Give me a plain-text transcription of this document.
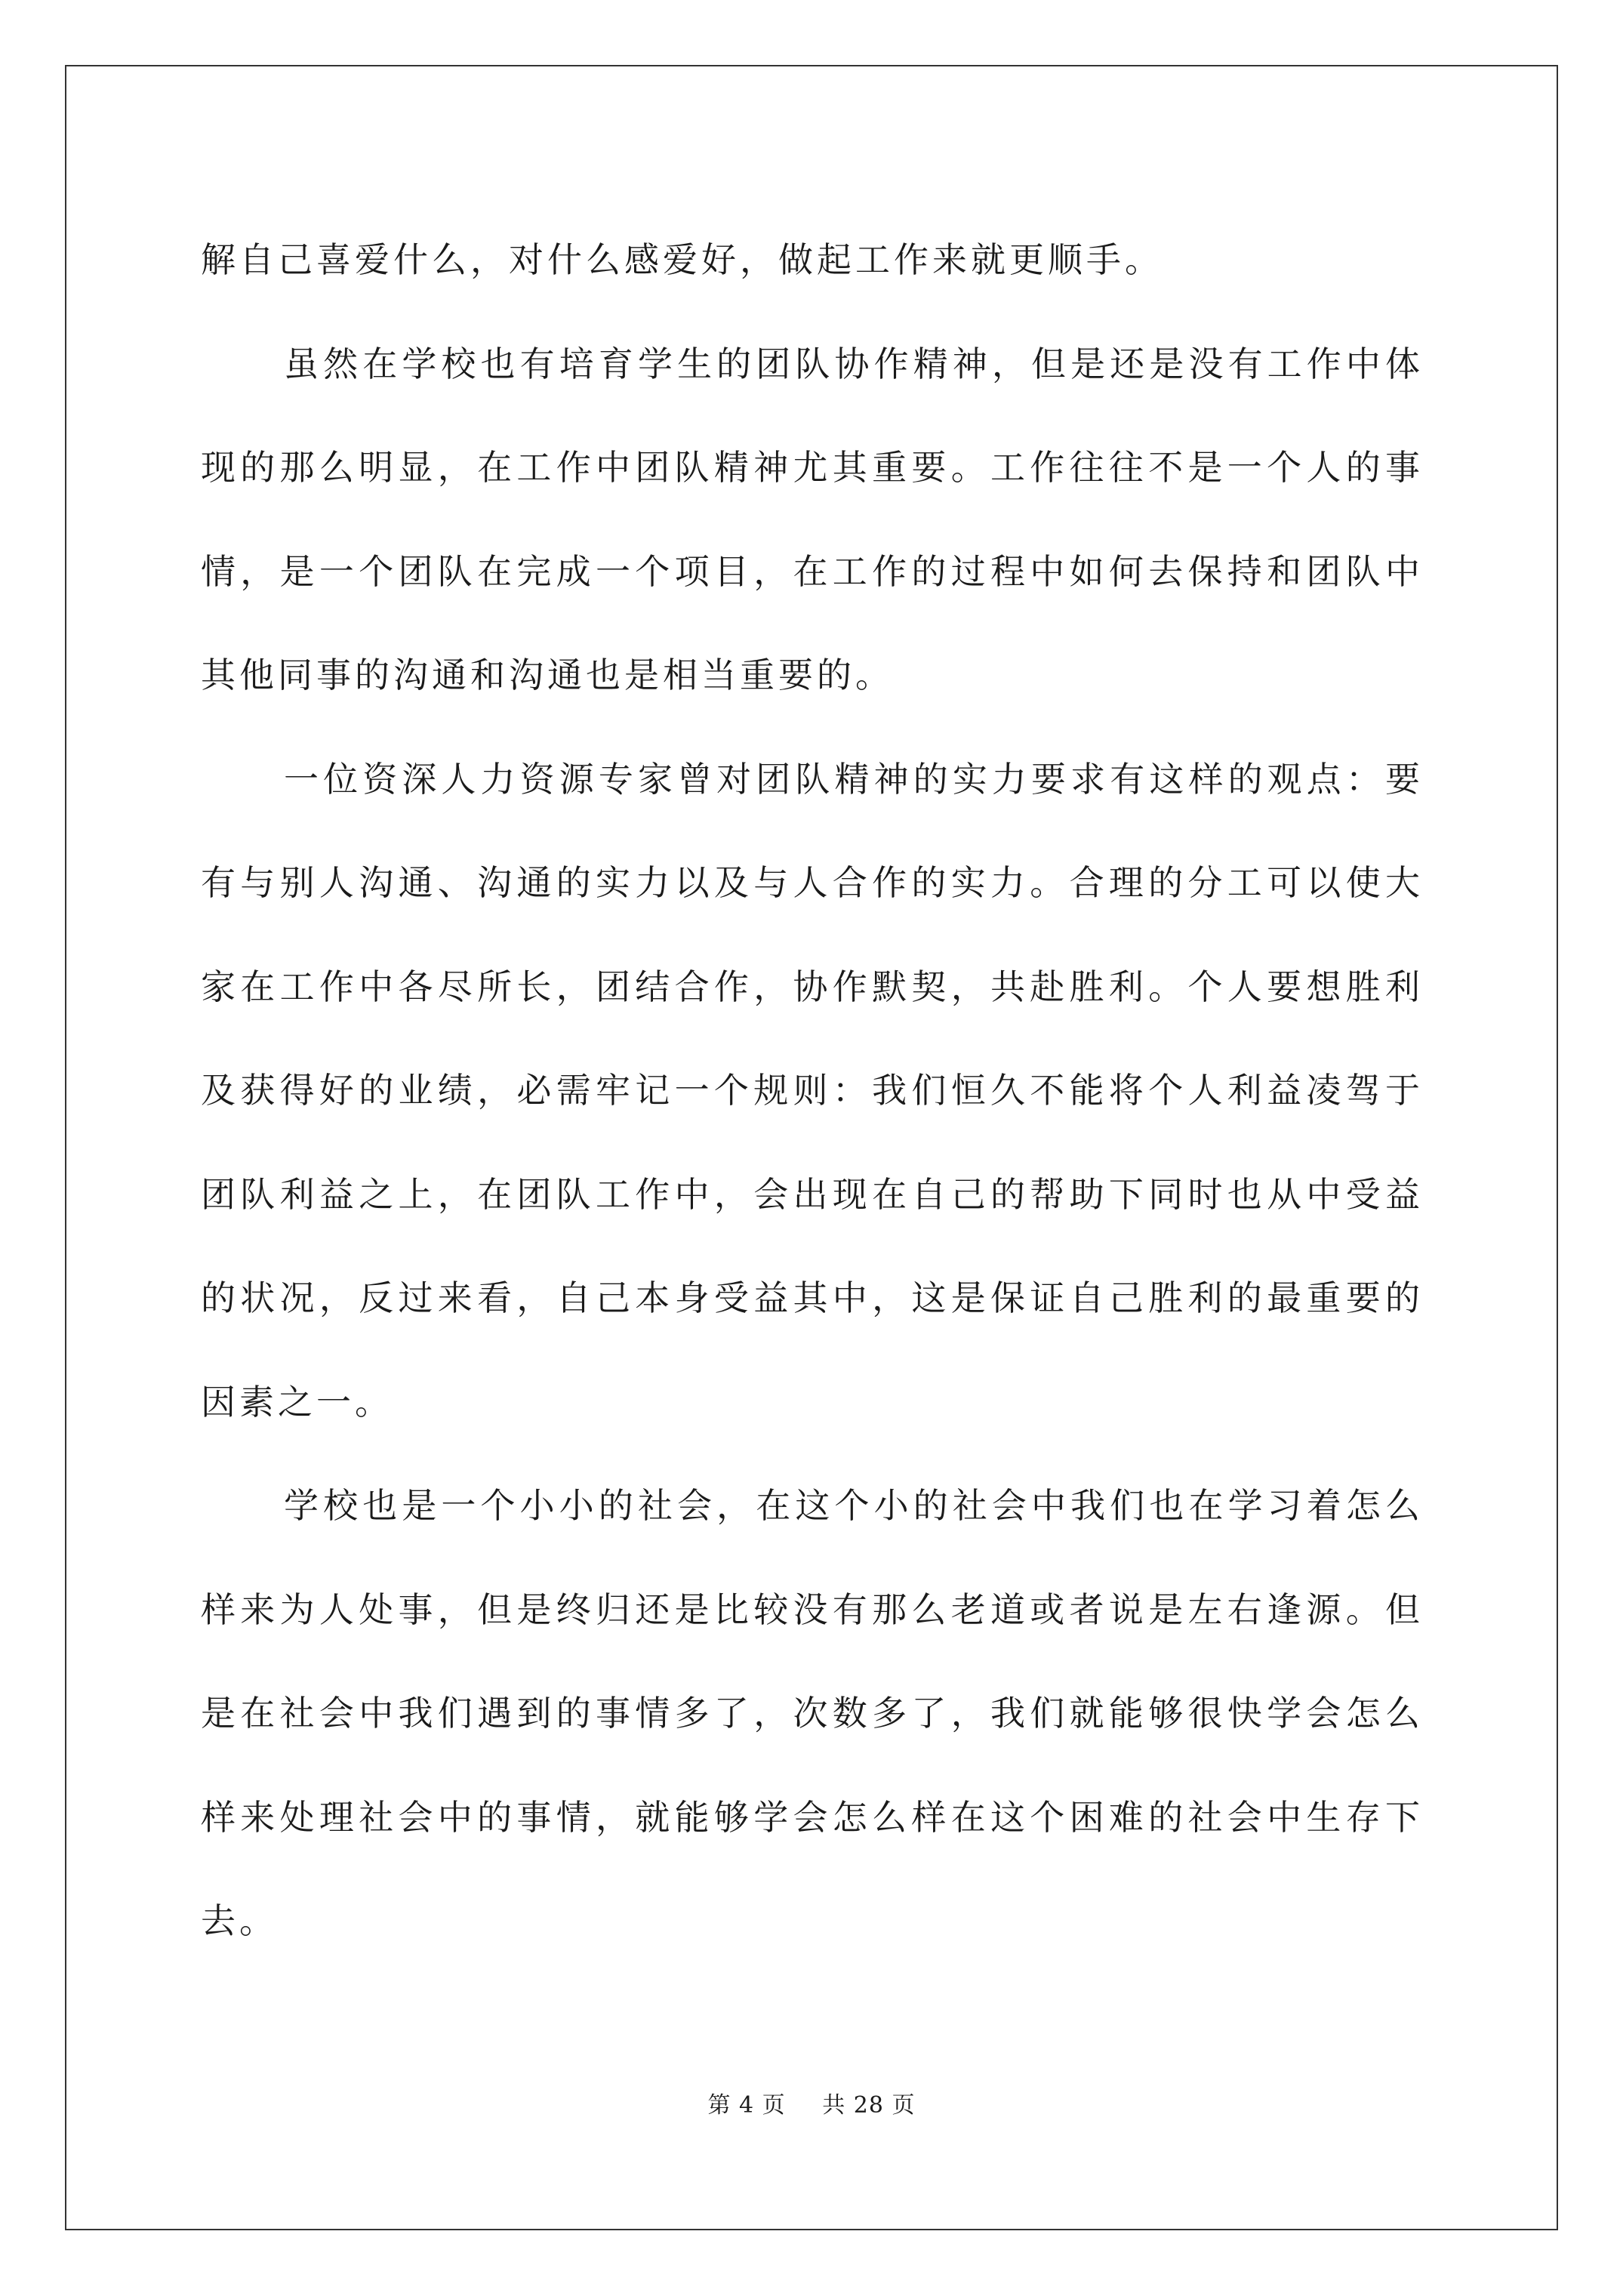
解自己喜爱什么，对什么感爱好，做起工作来就更顺手。

虽然在学校也有培育学生的团队协作精神，但是还是没有工作中体现的那么明显，在工作中团队精神尤其重要。工作往往不是一个人的事情，是一个团队在完成一个项目，在工作的过程中如何去保持和团队中其他同事的沟通和沟通也是相当重要的。

一位资深人力资源专家曾对团队精神的实力要求有这样的观点：要有与别人沟通、沟通的实力以及与人合作的实力。合理的分工可以使大家在工作中各尽所长，团结合作，协作默契，共赴胜利。个人要想胜利及获得好的业绩，必需牢记一个规则：我们恒久不能将个人利益凌驾于团队利益之上，在团队工作中，会出现在自己的帮助下同时也从中受益的状况，反过来看，自己本身受益其中，这是保证自己胜利的最重要的因素之一。

学校也是一个小小的社会，在这个小的社会中我们也在学习着怎么样来为人处事，但是终归还是比较没有那么老道或者说是左右逢源。但是在社会中我们遇到的事情多了，次数多了，我们就能够很快学会怎么样来处理社会中的事情，就能够学会怎么样在这个困难的社会中生存下去。

第 4 页 共 28 页
